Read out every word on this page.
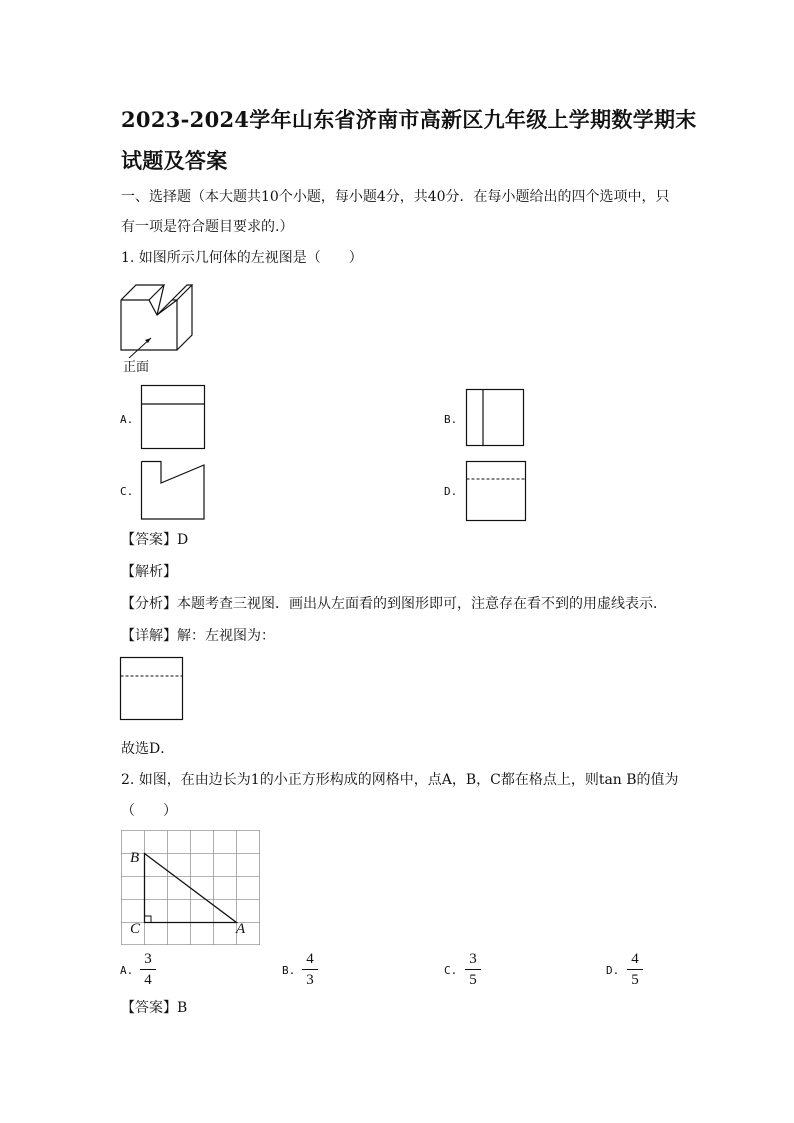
2023-2024学年山东省济南市高新区九年级上学期数学期末
试题及答案
一、选择题（本大题共10个小题，每小题4分，共40分．在每小题给出的四个选项中，只
有一项是符合题目要求的.）
1. 如图所示几何体的左视图是（　　）
正面
A.	B.
C.	D.
【答案】D
【解析】
【分析】本题考查三视图．画出从左面看的到图形即可，注意存在看不到的用虚线表示．
【详解】解：左视图为：
故选D．
2. 如图，在由边长为1的小正方形构成的网格中，点A，B，C都在格点上，则tan B的值为
（　　）
B
C	A
A.
3
4
B.
4
3
C.
3
5
D.
4
5
【答案】B
